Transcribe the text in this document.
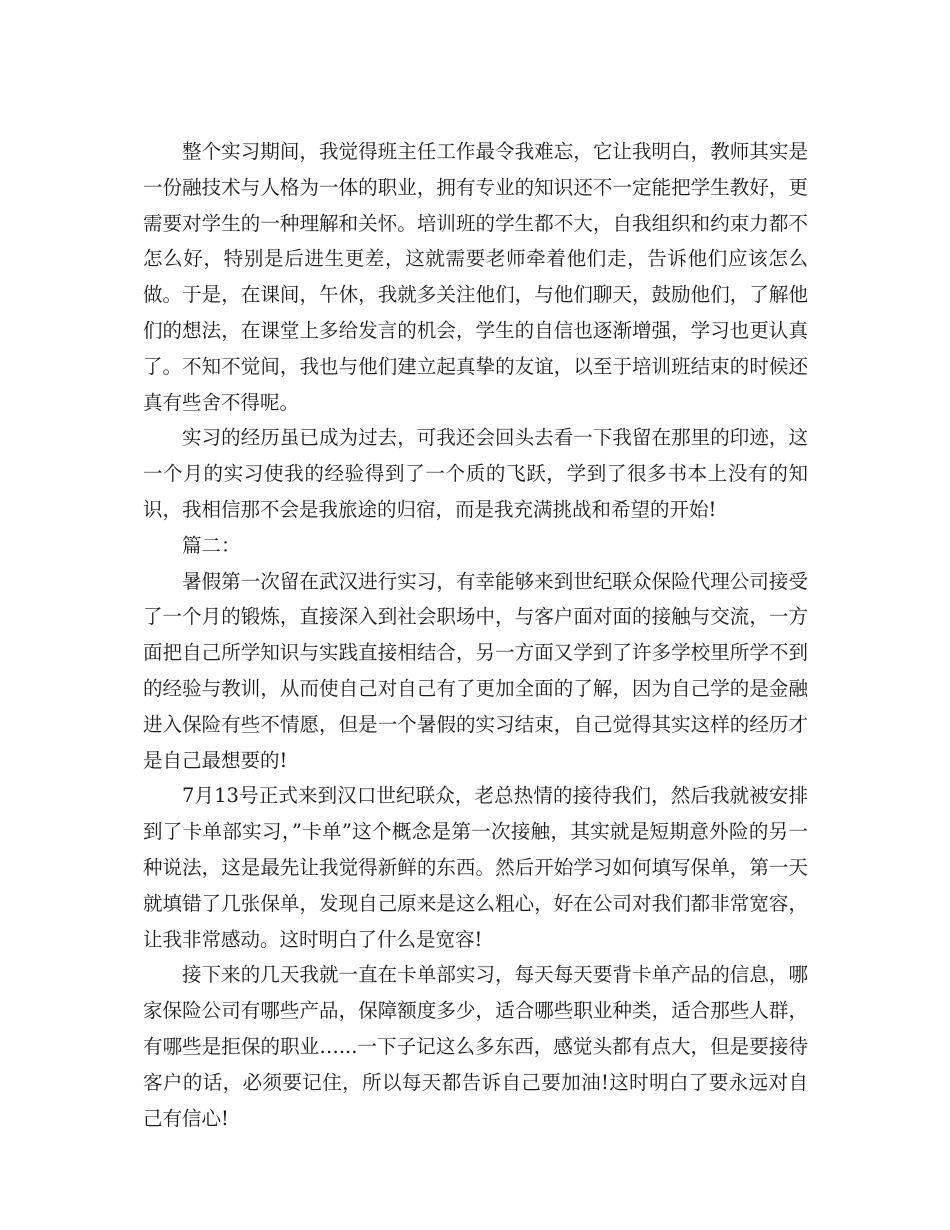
整个实习期间，我觉得班主任工作最令我难忘，它让我明白，教师其实是一份融技术与人格为一体的职业，拥有专业的知识还不一定能把学生教好，更需要对学生的一种理解和关怀。培训班的学生都不大，自我组织和约束力都不怎么好，特别是后进生更差，这就需要老师牵着他们走，告诉他们应该怎么做。于是，在课间，午休，我就多关注他们，与他们聊天，鼓励他们，了解他们的想法，在课堂上多给发言的机会，学生的自信也逐渐增强，学习也更认真了。不知不觉间，我也与他们建立起真挚的友谊，以至于培训班结束的时候还真有些舍不得呢。

实习的经历虽已成为过去，可我还会回头去看一下我留在那里的印迹，这一个月的实习使我的经验得到了一个质的飞跃，学到了很多书本上没有的知识，我相信那不会是我旅途的归宿，而是我充满挑战和希望的开始!

篇二：

暑假第一次留在武汉进行实习，有幸能够来到世纪联众保险代理公司接受了一个月的锻炼，直接深入到社会职场中，与客户面对面的接触与交流，一方面把自己所学知识与实践直接相结合，另一方面又学到了许多学校里所学不到的经验与教训，从而使自己对自己有了更加全面的了解，因为自己学的是金融进入保险有些不情愿，但是一个暑假的实习结束，自己觉得其实这样的经历才是自己最想要的!

7月13号正式来到汉口世纪联众，老总热情的接待我们，然后我就被安排到了卡单部实习，”卡单”这个概念是第一次接触，其实就是短期意外险的另一种说法，这是最先让我觉得新鲜的东西。然后开始学习如何填写保单，第一天就填错了几张保单，发现自己原来是这么粗心，好在公司对我们都非常宽容，让我非常感动。这时明白了什么是宽容!

接下来的几天我就一直在卡单部实习，每天每天要背卡单产品的信息，哪家保险公司有哪些产品，保障额度多少，适合哪些职业种类，适合那些人群，有哪些是拒保的职业…...一下子记这么多东西，感觉头都有点大，但是要接待客户的话，必须要记住，所以每天都告诉自己要加油!这时明白了要永远对自己有信心!
